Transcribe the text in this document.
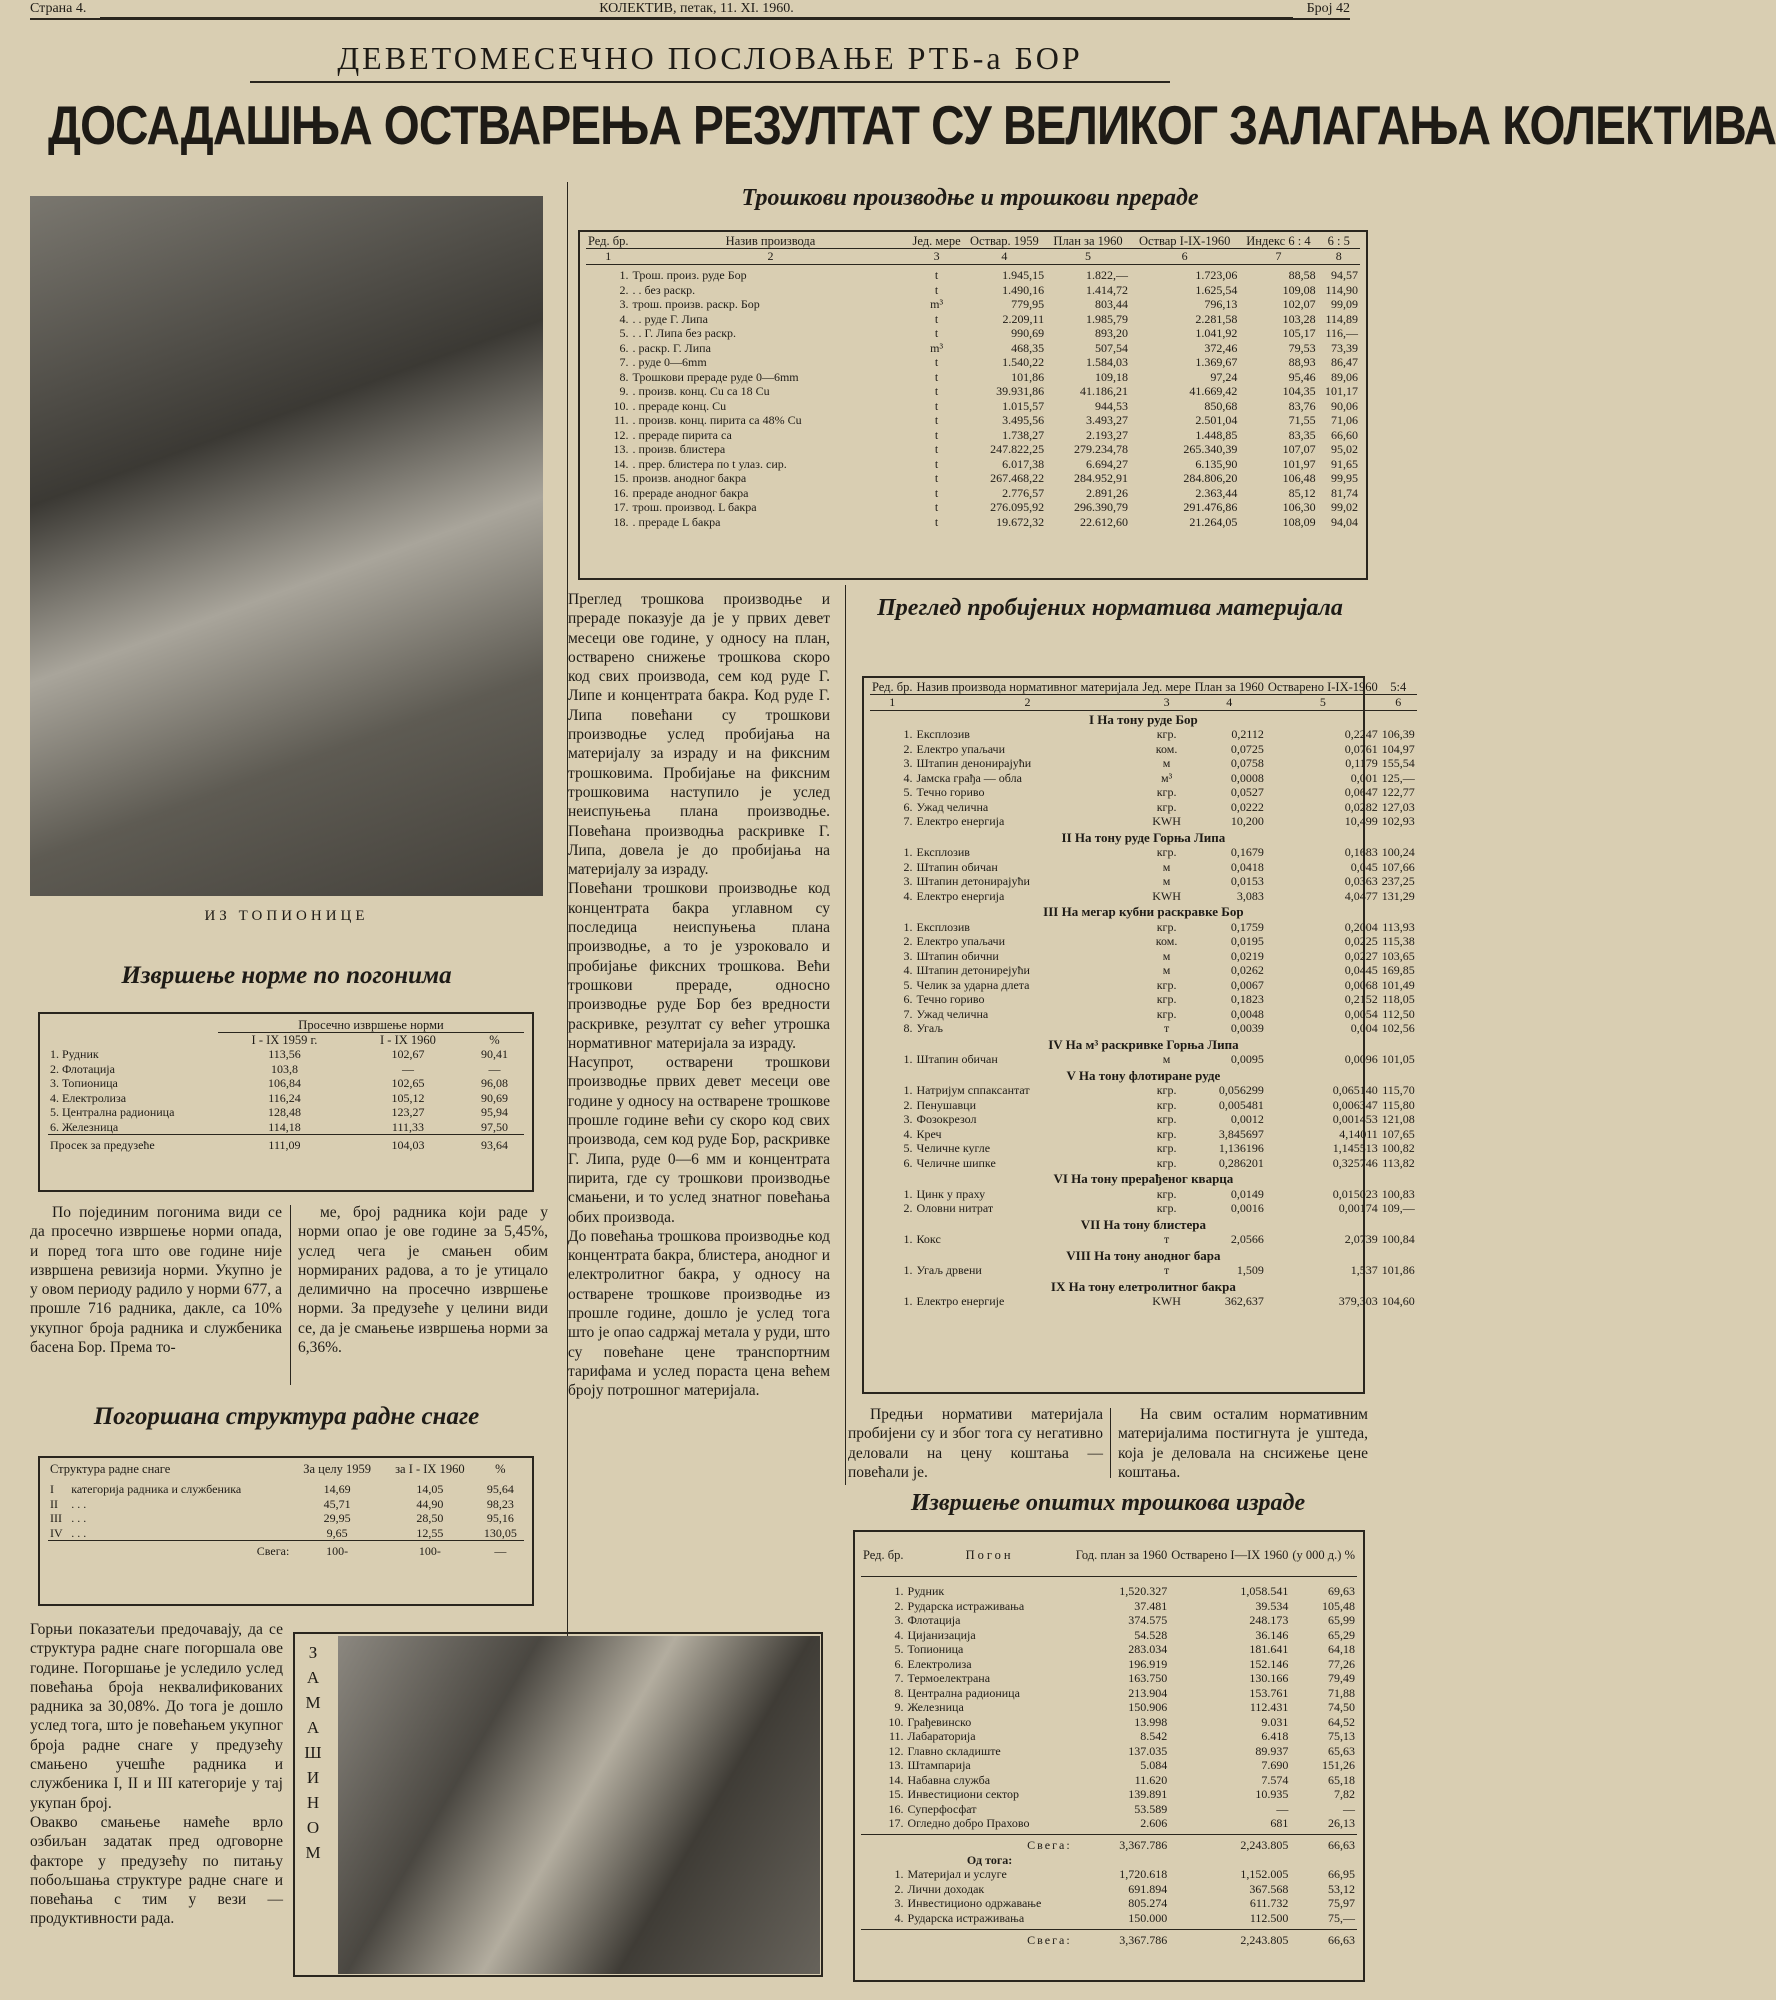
Страна 4.	КОЛЕКТИВ, петак, 11. XI. 1960.	Број 42
ДЕВЕТОМЕСЕЧНО ПОСЛОВАЊЕ РТБ-а БОР
ДОСАДАШЊА ОСТВАРЕЊА РЕЗУЛТАТ СУ ВЕЛИКОГ ЗАЛАГАЊА КОЛЕКТИВА
ИЗ ТОПИОНИЦЕ
Извршење норме по погонима
	Просечно извршење норми		
	I - IX 1959 г.	I - IX 1960	%
1. Рудник	113,56	102,67	90,41
2. Флотација	103,8	—	—
3. Топионица	106,84	102,65	96,08
4. Електролиза	116,24	105,12	90,69
5. Централна радионица	128,48	123,27	95,94
6. Железница	114,18	111,33	97,50
Просек за предузеће	111,09	104,03	93,64

По појединим погонима види се да просечно извршење норми опада, и поред тога што ове године није извршена ревизија норми. Укупно је у овом периоду радило у норми 677, а прошле 716 радника, дакле, са 10% укупног броја радника и службеника басена Бор. Према то-

ме, број радника који раде у норми опао је ове године за 5,45%, услед чега је смањен обим нормираних радова, а то је утицало делимично на просечно извршење норми. За предузеће у целини види се, да је смањење извршења норми за 6,36%.

Погоршана структура радне снаге
Структура радне снаге		За целу 1959	за I - IX 1960	%

I	категорија радника и службеника	14,69	14,05	95,64
II	. . .	45,71	44,90	98,23
III	. . .	29,95	28,50	95,16
IV	. . .	9,65	12,55	130,05
Свега:		100-	100-	—
Горњи показатељи предочавају, да се структура радне снаге погоршала ове године. Погоршање је уследило услед повећања броја неквалификованих радника за 30,08%. До тога је дошло услед тога, што је повећањем укупног броја радне снаге у предузећу смањено учешће радника и службеника I, II и III категорије у тај укупан број.
Овакво смањење намеће врло озбиљан задатак пред одговорне факторе у предузећу по питању побољшања структуре радне снаге и повећања с тим у вези — продуктивности рада.
З
А
М
А
Ш
И
Н
О
М
Трошкови производње и трошкови прераде
Ред. бр.	Назив производа	Јед. мере	Оствар. 1959	План за 1960	Оствар I-IX-1960	Индекс 6 : 4	6 : 5
1	2	3	4	5	6	7	8

1.	Трош. произ. руде Бор	t	1.945,15	1.822,—	1.723,06	88,58	94,57
2.	. . без раскр.	t	1.490,16	1.414,72	1.625,54	109,08	114,90
3.	трош. произв. раскр. Бор	m³	779,95	803,44	796,13	102,07	99,09
4.	. . руде Г. Липа	t	2.209,11	1.985,79	2.281,58	103,28	114,89
5.	. . Г. Липа без раскр.	t	990,69	893,20	1.041,92	105,17	116,—
6.	. раскр. Г. Липа	m³	468,35	507,54	372,46	79,53	73,39
7.	. руде 0—6mm	t	1.540,22	1.584,03	1.369,67	88,93	86,47
8.	Трошкови прераде руде 0—6mm	t	101,86	109,18	97,24	95,46	89,06
9.	. произв. конц. Cu са 18 Cu	t	39.931,86	41.186,21	41.669,42	104,35	101,17
10.	. прераде конц. Cu	t	1.015,57	944,53	850,68	83,76	90,06
11.	. произв. конц. пирита са 48% Cu	t	3.495,56	3.493,27	2.501,04	71,55	71,06
12.	. прераде пирита са	t	1.738,27	2.193,27	1.448,85	83,35	66,60
13.	. произв. блистера	t	247.822,25	279.234,78	265.340,39	107,07	95,02
14.	. прер. блистера по t улаз. сир.	t	6.017,38	6.694,27	6.135,90	101,97	91,65
15.	произв. анодног бакра	t	267.468,22	284.952,91	284.806,20	106,48	99,95
16.	прераде анодног бакра	t	2.776,57	2.891,26	2.363,44	85,12	81,74
17.	трош. производ. L бакра	t	276.095,92	296.390,79	291.476,86	106,30	99,02
18.	. прераде L бакра	t	19.672,32	22.612,60	21.264,05	108,09	94,04
Преглед трошкова производње и прераде показује да је у првих девет месеци ове године, у односу на план, остварено снижење трошкова скоро код свих производа, сем код руде Г. Липе и концентрата бакра. Код руде Г. Липа повећани су трошкови производње услед пробијања на материјалу за израду и на фиксним трошковима. Пробијање на фиксним трошковима наступило је услед неиспуњења плана производње. Повећана производња раскривке Г. Липа, довела је до пробијања на материјалу за израду.
Повећани трошкови производње код концентрата бакра углавном су последица неиспуњења плана производње, а то је узроковало и пробијање фиксних трошкова. Већи трошкови прераде, односно производње руде Бор без вредности раскривке, резултат су већег утрошка нормативног материјала за израду.
Насупрот, остварени трошкови производње првих девет месеци ове године у односу на остварене трошкове прошле године већи су скоро код свих производа, сем код руде Бор, раскривке Г. Липа, руде 0—6 мм и концентрата пирита, где су трошкови производње смањени, и то услед знатног повећања обих производа.
До повећања трошкова производње код концентрата бакра, блистера, анодног и електролитног бакра, у односу на остварене трошкове производње из прошле године, дошло је услед тога што је опао садржај метала у руди, што су повећане цене транспортним тарифама и услед пораста цена већем броју потрошног материјала.
Преглед пробијених норматива материјала
Ред. бр.	Назив производа нормативног материјала	Јед. мере	План за 1960	Остварено I-IX-1960	5:4
1	2	3	4	5	6
I На тону руде Бор					
1.	Експлозив	кгр.	0,2112	0,2247	106,39
2.	Електро упаљачи	ком.	0,0725	0,0761	104,97
3.	Штапин денонирајући	м	0,0758	0,1179	155,54
4.	Јамска грађа — обла	м³	0,0008	0,001	125,—
5.	Течно гориво	кгр.	0,0527	0,0647	122,77
6.	Ужад челична	кгр.	0,0222	0,0282	127,03
7.	Електро енергија	KWH	10,200	10,499	102,93
II На тону руде Горња Липа					
1.	Експлозив	кгр.	0,1679	0,1683	100,24
2.	Штапин обичан	м	0,0418	0,045	107,66
3.	Штапин детонирајући	м	0,0153	0,0363	237,25
4.	Електро енергија	KWH	3,083	4,0477	131,29
III На мегар кубни раскравке Бор					
1.	Експлозив	кгр.	0,1759	0,2004	113,93
2.	Електро упаљачи	ком.	0,0195	0,0225	115,38
3.	Штапин обични	м	0,0219	0,0227	103,65
4.	Штапин детонирејући	м	0,0262	0,0445	169,85
5.	Челик за ударна длета	кгр.	0,0067	0,0068	101,49
6.	Течно гориво	кгр.	0,1823	0,2152	118,05
7.	Ужад челична	кгр.	0,0048	0,0054	112,50
8.	Угаљ	т	0,0039	0,004	102,56
IV На м³ раскривке Горња Липа					
1.	Штапин обичан	м	0,0095	0,0096	101,05
V На тону флотиране руде					
1.	Натријум сппаксантат	кгр.	0,056299	0,065140	115,70
2.	Пенушавци	кгр.	0,005481	0,006347	115,80
3.	Фозокрезол	кгр.	0,0012	0,001453	121,08
4.	Креч	кгр.	3,845697	4,14011	107,65
5.	Челичне кугле	кгр.	1,136196	1,145513	100,82
6.	Челичне шипке	кгр.	0,286201	0,325746	113,82
VI На тону прерађеног кварца					
1.	Цинк у праху	кгр.	0,0149	0,015023	100,83
2.	Оловни нитрат	кгр.	0,0016	0,00174	109,—
VII На тону блистера					
1.	Кокс	т	2,0566	2,0739	100,84
VIII На тону анодног бара					
1.	Угаљ дрвени	т	1,509	1,537	101,86
IX На тону елетролитног бакра					
1.	Електро енергије	KWH	362,637	379,303	104,60

Предњи нормативи материјала пробијени су и због тога су негативно деловали на цену коштања — повећали је.

На свим осталим нормативним материјалима постигнута је уштеда, која је деловала на снсижење цене коштања.

Извршење општих трошкова израде
Ред. бр.	Погон	Год. план за 1960	Остварено I—IX 1960	(у 000 д.) %

1.	Рудник	1,520.327	1,058.541	69,63
2.	Рударска истраживања	37.481	39.534	105,48
3.	Флотација	374.575	248.173	65,99
4.	Цијанизација	54.528	36.146	65,29
5.	Топионица	283.034	181.641	64,18
6.	Електролиза	196.919	152.146	77,26
7.	Термоелектрана	163.750	130.166	79,49
8.	Централна радионица	213.904	153.761	71,88
9.	Железница	150.906	112.431	74,50
10.	Грађевинско	13.998	9.031	64,52
11.	Лабараторија	8.542	6.418	75,13
12.	Главно складиште	137.035	89.937	65,63
13.	Штампарија	5.084	7.690	151,26
14.	Набавна служба	11.620	7.574	65,18
15.	Инвестициони сектор	139.891	10.935	7,82
16.	Суперфосфат	53.589	—	—
17.	Огледно добро Прахово	2.606	681	26,13

	Свега:	3,367.786	2,243.805	66,63
	Од тога:			
1.	Материјал и услуге	1,720.618	1,152.005	66,95
2.	Лични доходак	691.894	367.568	53,12
3.	Инвестиционо одржавање	805.274	611.732	75,97
4.	Рударска истраживања	150.000	112.500	75,—

	Свега:	3,367.786	2,243.805	66,63
